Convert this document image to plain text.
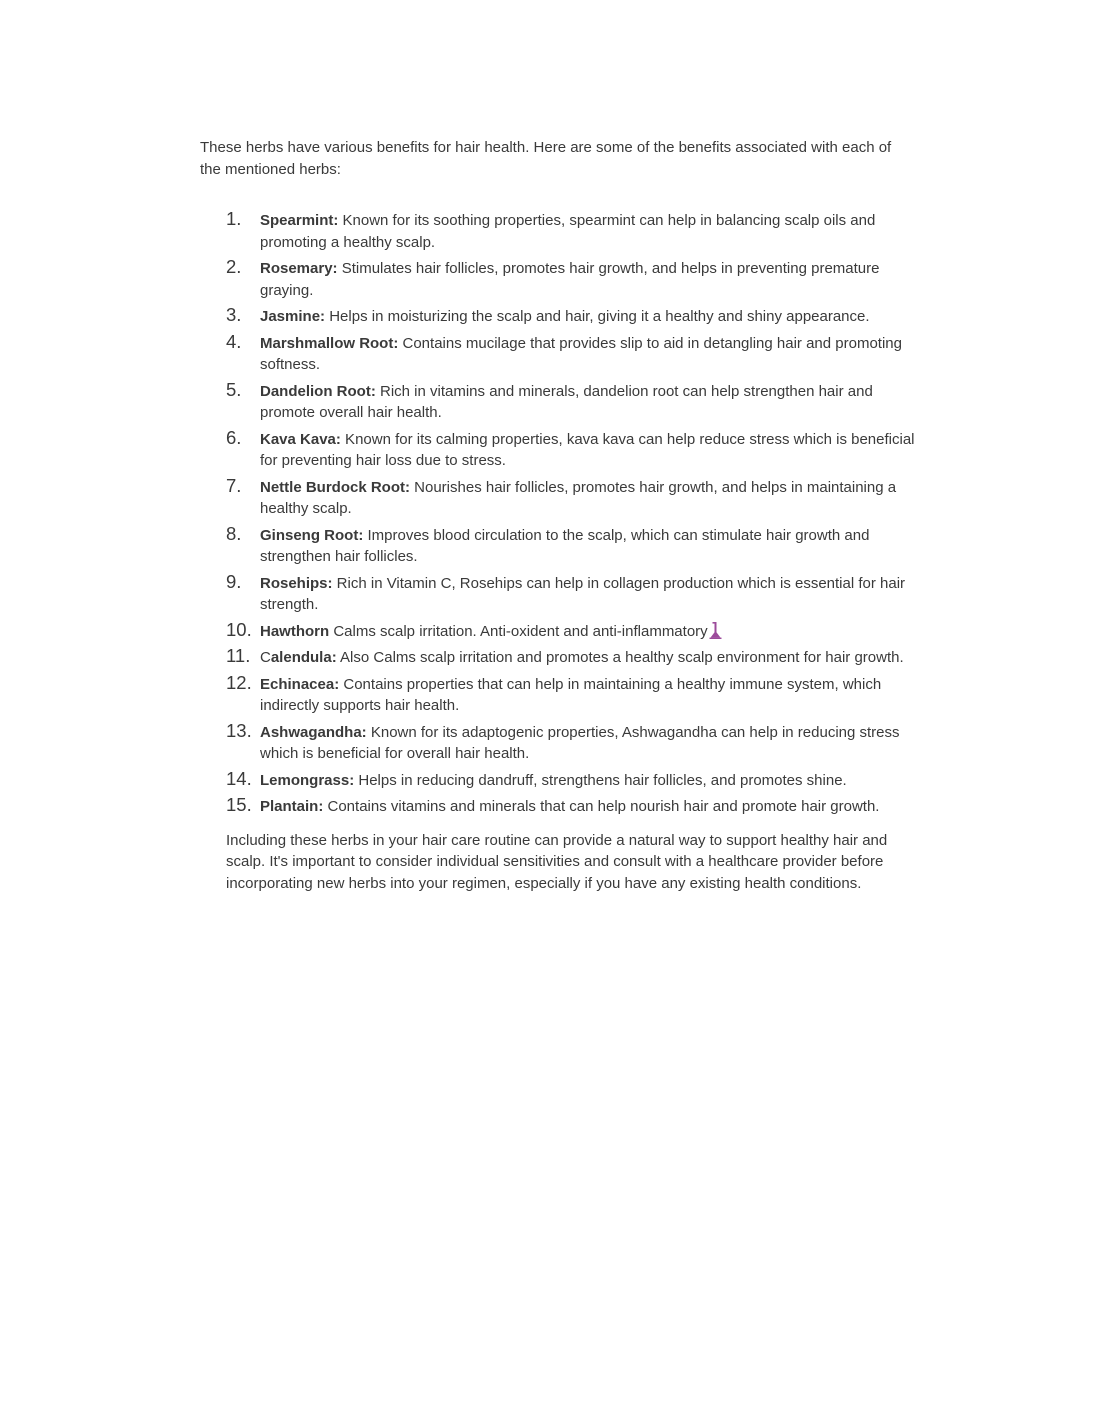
These herbs have various benefits for hair health. Here are some of the benefits associated with each of the mentioned herbs:

1.	Spearmint: Known for its soothing properties, spearmint can help in balancing scalp oils and promoting a healthy scalp.
2.	Rosemary: Stimulates hair follicles, promotes hair growth, and helps in preventing premature graying.
3.	Jasmine: Helps in moisturizing the scalp and hair, giving it a healthy and shiny appearance.
4.	Marshmallow Root: Contains mucilage that provides slip to aid in detangling hair and promoting softness.
5.	Dandelion Root: Rich in vitamins and minerals, dandelion root can help strengthen hair and promote overall hair health.
6.	Kava Kava: Known for its calming properties, kava kava can help reduce stress which is beneficial for preventing hair loss due to stress.
7.	Nettle Burdock Root: Nourishes hair follicles, promotes hair growth, and helps in maintaining a healthy scalp.
8.	Ginseng Root: Improves blood circulation to the scalp, which can stimulate hair growth and strengthen hair follicles.
9.	Rosehips: Rich in Vitamin C, Rosehips can help in collagen production which is essential for hair strength.
10. Hawthorn Calms scalp irritation. Anti-oxident and anti-inflammatory
11. Calendula: Also Calms scalp irritation and promotes a healthy scalp environment for hair growth.
12. Echinacea: Contains properties that can help in maintaining a healthy immune system, which indirectly supports hair health.
13. Ashwagandha: Known for its adaptogenic properties, Ashwagandha can help in reducing stress which is beneficial for overall hair health.
14. Lemongrass: Helps in reducing dandruff, strengthens hair follicles, and promotes shine.
15. Plantain: Contains vitamins and minerals that can help nourish hair and promote hair growth.

Including these herbs in your hair care routine can provide a natural way to support healthy hair and scalp. It's important to consider individual sensitivities and consult with a healthcare provider before incorporating new herbs into your regimen, especially if you have any existing health conditions.
